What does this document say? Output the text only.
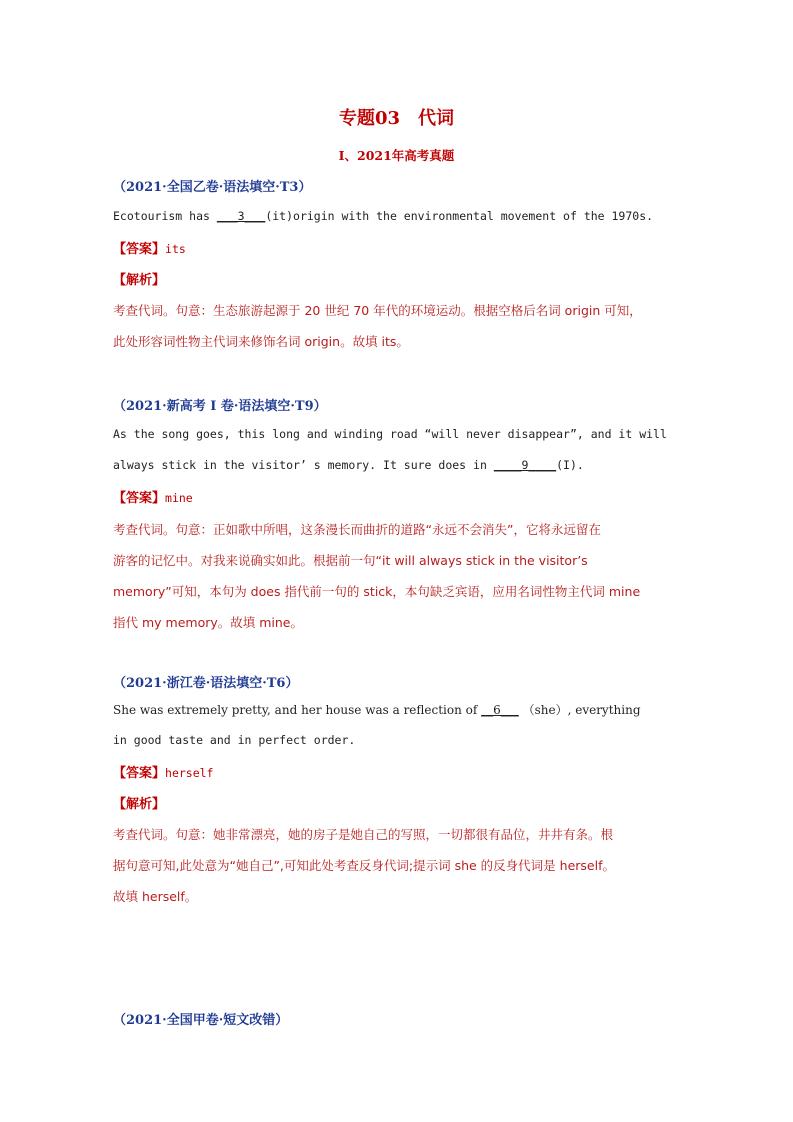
专题03　代词
I、2021年高考真题
（2021·全国乙卷·语法填空·T3）
Ecotourism has ___3___(it)origin with the environmental movement of the 1970s.
【答案】its
【解析】
考查代词。句意：生态旅游起源于 20 世纪 70 年代的环境运动。根据空格后名词 origin 可知，
此处形容词性物主代词来修饰名词 origin。故填 its。
（2021·新高考 I 卷·语法填空·T9）
As the song goes, this long and winding road “will never disappear”, and it will
always stick in the visitor’ s memory. It sure does in ____9____(I).
【答案】mine
考查代词。句意：正如歌中所唱，这条漫长而曲折的道路“永远不会消失”，它将永远留在
游客的记忆中。对我来说确实如此。根据前一句“it will always stick in the visitor’s
memory”可知，本句为 does 指代前一句的 stick，本句缺乏宾语，应用名词性物主代词 mine
指代 my memory。故填 mine。
（2021·浙江卷·语法填空·T6）
She was extremely pretty, and her house was a reflection of __6___ （she）, everything
in good taste and in perfect order.
【答案】herself
【解析】
考查代词。句意：她非常漂亮，她的房子是她自己的写照，一切都很有品位，井井有条。根
据句意可知,此处意为“她自己”,可知此处考查反身代词;提示词 she 的反身代词是 herself。
故填 herself。
（2021·全国甲卷·短文改错）
